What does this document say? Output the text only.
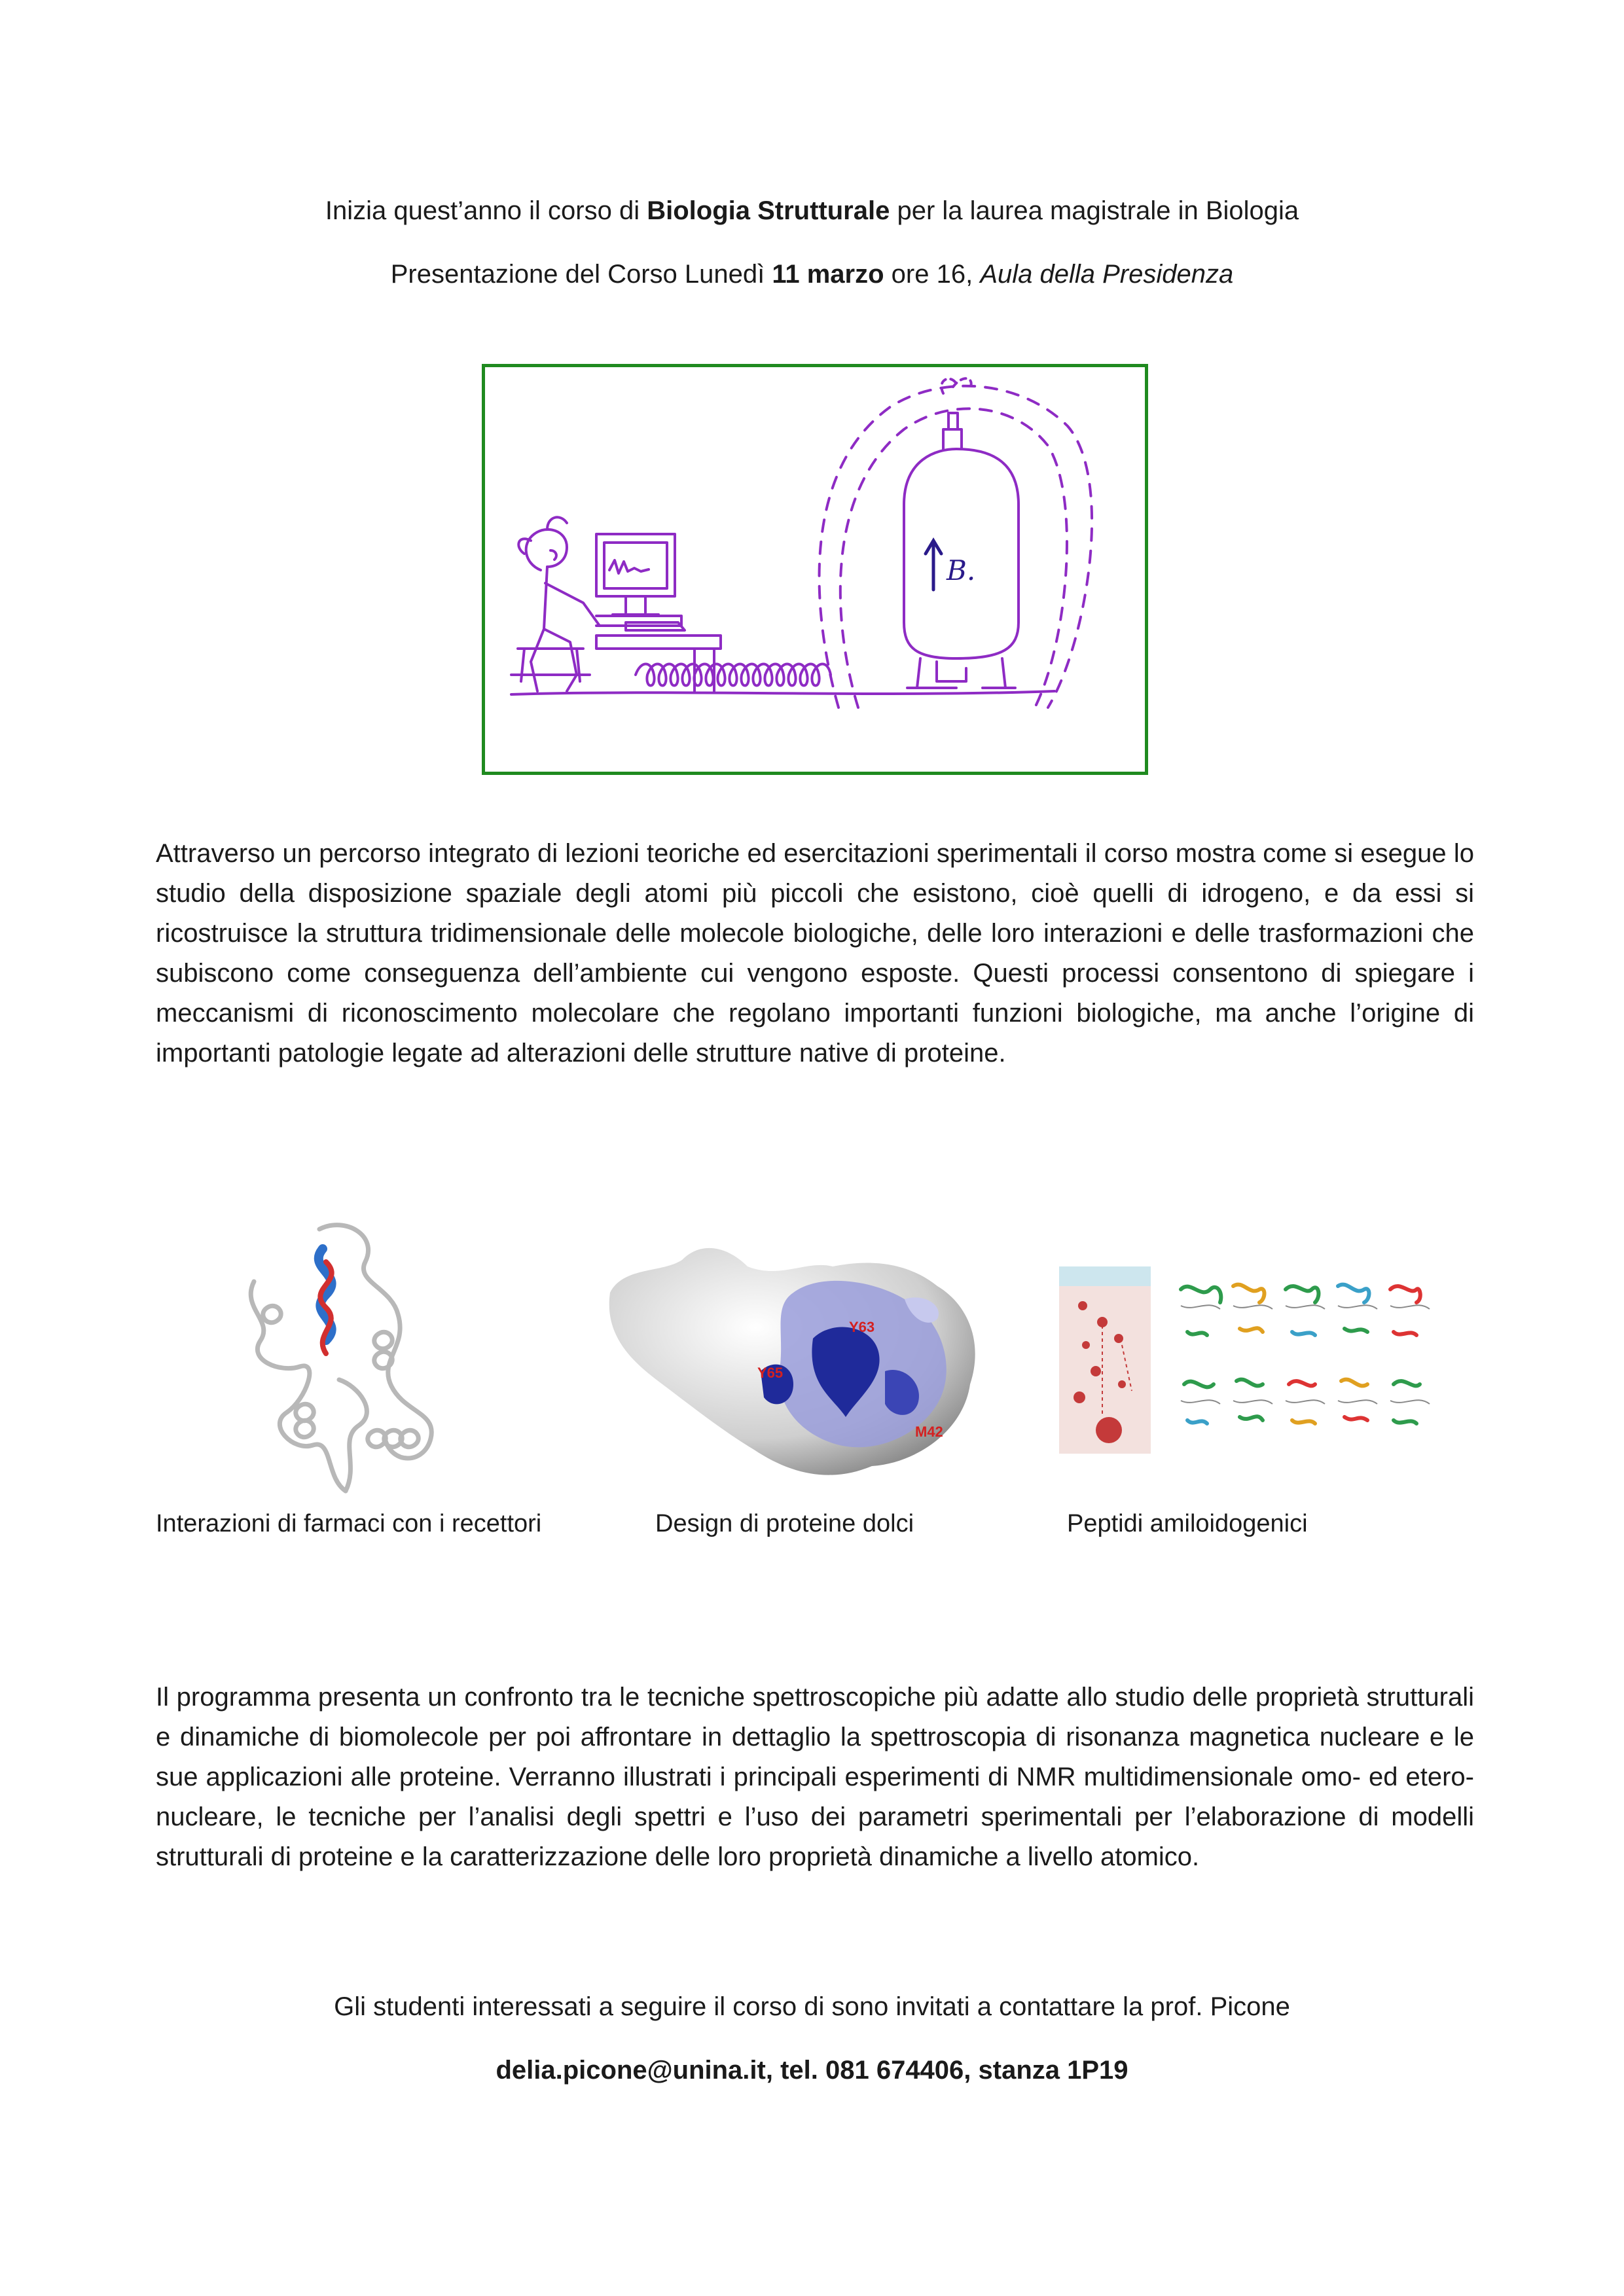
Inizia quest’anno il corso di Biologia Strutturale per la laurea magistrale in Biologia
Presentazione del Corso Lunedì 11 marzo ore 16, Aula della Presidenza
B.
Attraverso un percorso integrato di lezioni teoriche ed esercitazioni sperimentali il corso mostra come si esegue lo studio della disposizione spaziale degli atomi più piccoli che esistono, cioè quelli di idrogeno, e da essi si ricostruisce la struttura tridimensionale delle molecole biologiche, delle loro interazioni e delle trasformazioni che subiscono come conseguenza dell’ambiente cui vengono esposte. Questi processi consentono di spiegare i meccanismi di riconoscimento molecolare che regolano importanti funzioni biologiche, ma anche l’origine di importanti patologie legate ad alterazioni delle strutture native di proteine.
Y63
Y65
M42
Interazioni di farmaci con i recettori	Design di proteine dolci	Peptidi amiloidogenici
Il programma presenta un confronto tra le tecniche spettroscopiche più adatte allo studio delle proprietà strutturali e dinamiche di biomolecole per poi affrontare in dettaglio la spettroscopia di risonanza magnetica nucleare e le sue applicazioni alle proteine. Verranno illustrati i principali esperimenti di NMR multidimensionale omo- ed etero-nucleare, le tecniche per l’analisi degli spettri e l’uso dei parametri sperimentali per l’elaborazione di modelli strutturali di proteine e la caratterizzazione delle loro proprietà dinamiche a livello atomico.
Gli studenti interessati a seguire il corso di sono invitati a contattare la prof. Picone
delia.picone@unina.it, tel. 081 674406, stanza 1P19
